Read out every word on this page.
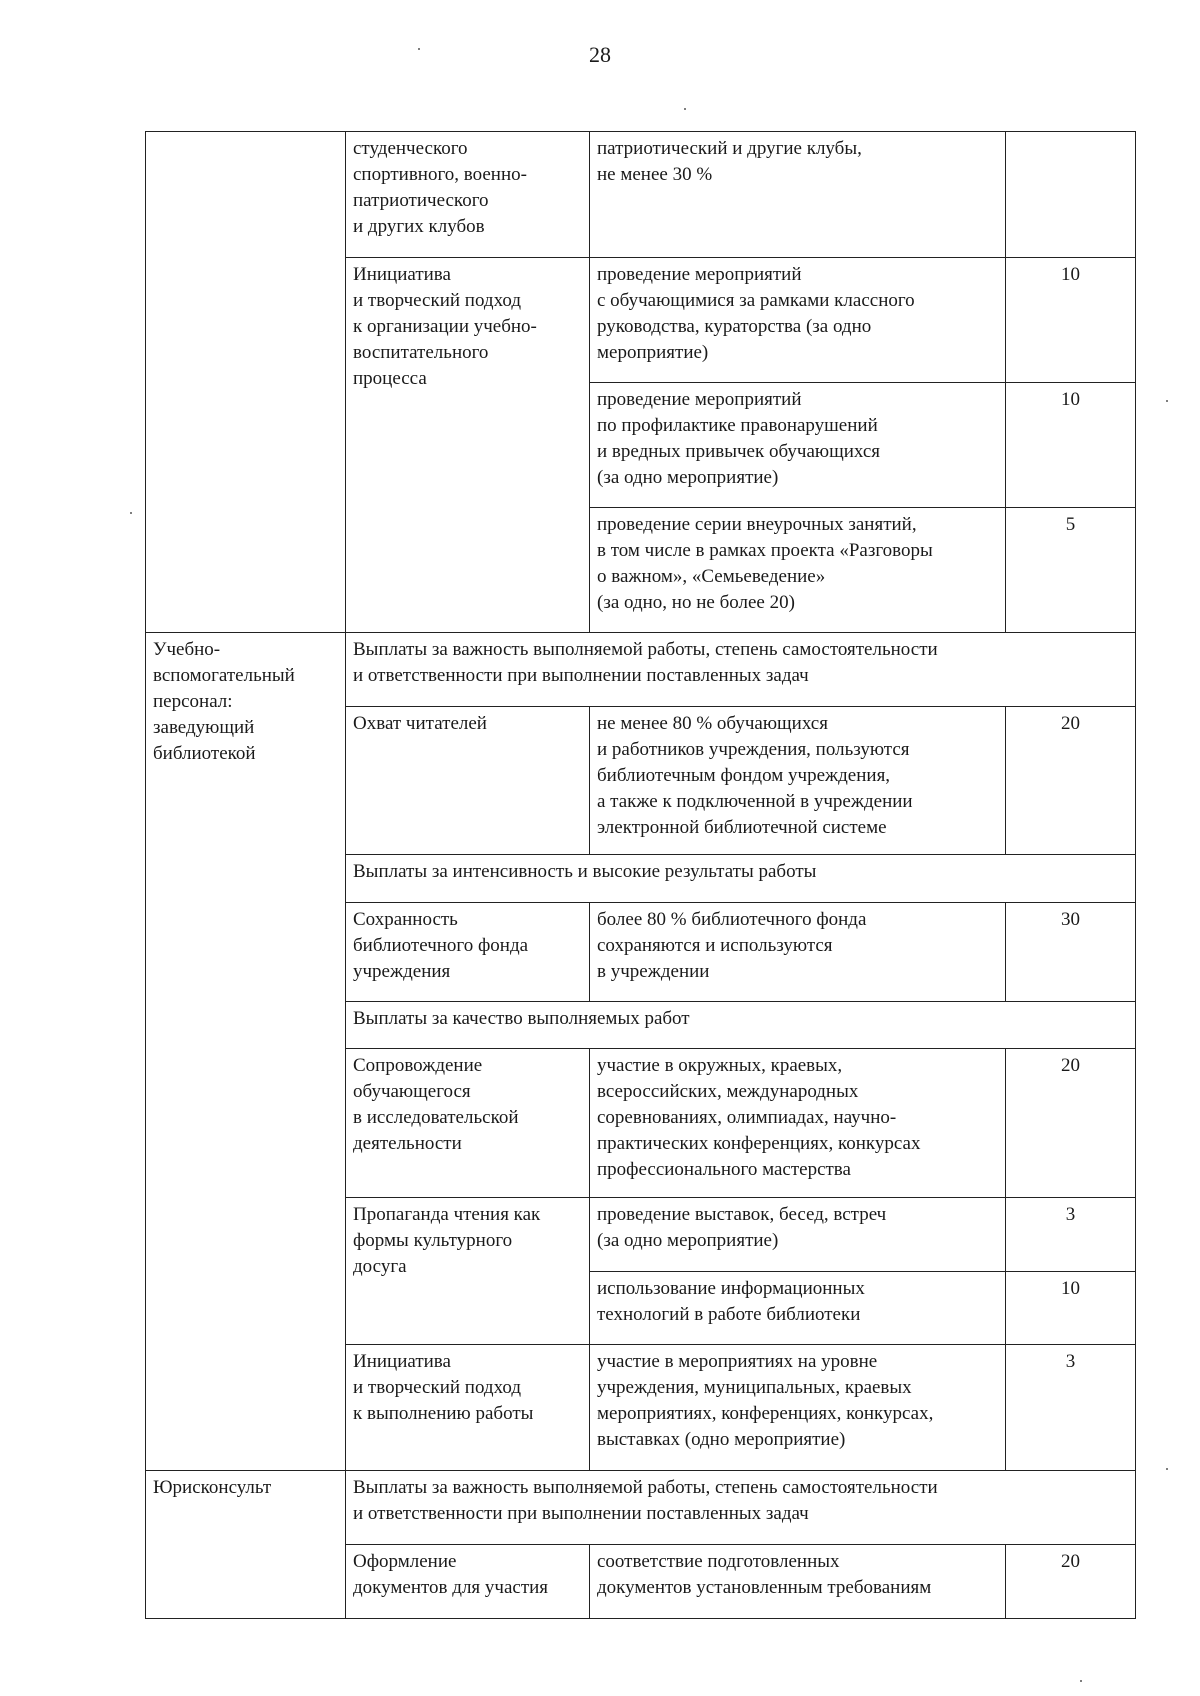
28

	студенческого
спортивного, военно-
патриотического
и других клубов	патриотический и другие клубы,
не менее 30 %	

	Инициатива
и творческий подход
к организации учебно-
воспитательного
процесса	проведение мероприятий
с обучающимися за рамками классного
руководства, кураторства (за одно
мероприятие)	10

		проведение мероприятий
по профилактике правонарушений
и вредных привычек обучающихся
(за одно мероприятие)	10

		проведение серии внеурочных занятий,
в том числе в рамках проекта «Разговоры
о важном», «Семьеведение»
(за одно, но не более 20)	5

Учебно-
вспомогательный
персонал:
заведующий
библиотекой	Выплаты за важность выполняемой работы, степень самостоятельности
и ответственности при выполнении поставленных задач		

	Охват читателей	не менее 80 % обучающихся
и работников учреждения, пользуются
библиотечным фондом учреждения,
а также к подключенной в учреждении
электронной библиотечной системе	20

	Выплаты за интенсивность и высокие результаты работы		

	Сохранность
библиотечного фонда
учреждения	более 80 % библиотечного фонда
сохраняются и используются
в учреждении	30

	Выплаты за качество выполняемых работ		

	Сопровождение
обучающегося
в исследовательской
деятельности	участие в окружных, краевых,
всероссийских, международных
соревнованиях, олимпиадах, научно-
практических конференциях, конкурсах
профессионального мастерства	20

	Пропаганда чтения как
формы культурного
досуга	проведение выставок, бесед, встреч
(за одно мероприятие)	3

		использование информационных
технологий в работе библиотеки	10

	Инициатива
и творческий подход
к выполнению работы	участие в мероприятиях на уровне
учреждения, муниципальных, краевых
мероприятиях, конференциях, конкурсах,
выставках (одно мероприятие)	3

Юрисконсульт	Выплаты за важность выполняемой работы, степень самостоятельности
и ответственности при выполнении поставленных задач		

	Оформление
документов для участия	соответствие подготовленных
документов установленным требованиям	20
